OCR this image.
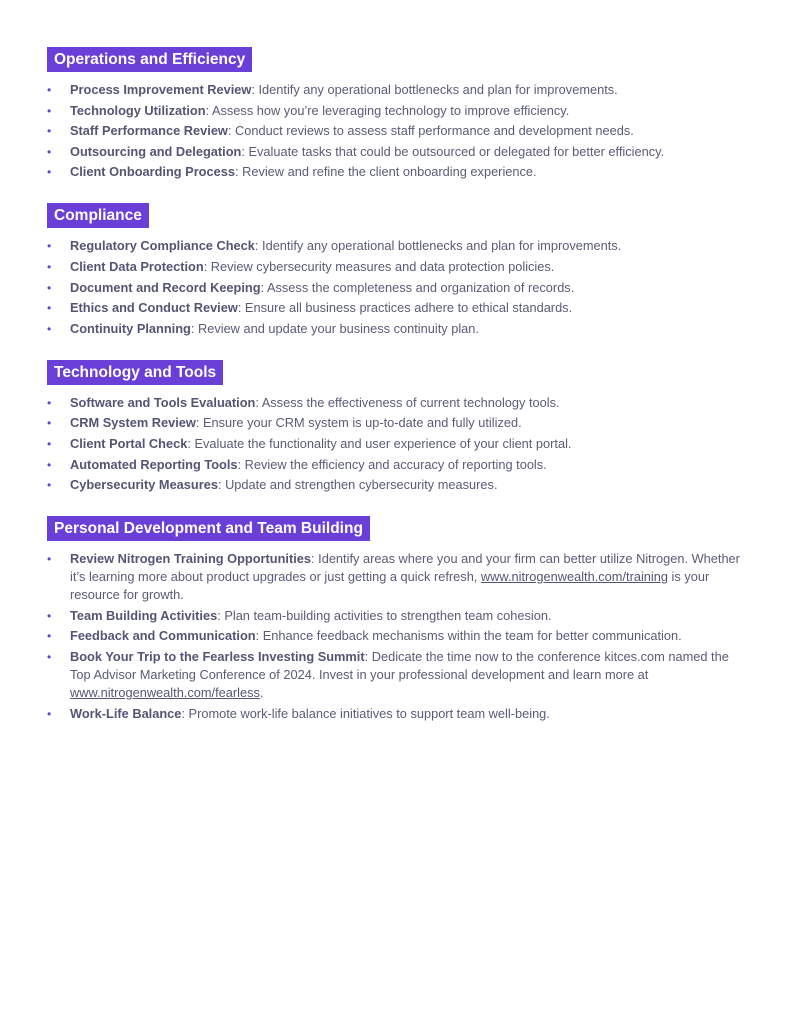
Operations and Efficiency
• Process Improvement Review: Identify any operational bottlenecks and plan for improvements.
• Technology Utilization: Assess how you’re leveraging technology to improve efficiency.
• Staff Performance Review: Conduct reviews to assess staff performance and development needs.
• Outsourcing and Delegation: Evaluate tasks that could be outsourced or delegated for better efficiency.
• Client Onboarding Process: Review and refine the client onboarding experience.
Compliance
• Regulatory Compliance Check: Identify any operational bottlenecks and plan for improvements.
• Client Data Protection: Review cybersecurity measures and data protection policies.
• Document and Record Keeping: Assess the completeness and organization of records.
• Ethics and Conduct Review: Ensure all business practices adhere to ethical standards.
• Continuity Planning: Review and update your business continuity plan.
Technology and Tools
• Software and Tools Evaluation: Assess the effectiveness of current technology tools.
• CRM System Review: Ensure your CRM system is up-to-date and fully utilized.
• Client Portal Check: Evaluate the functionality and user experience of your client portal.
• Automated Reporting Tools: Review the efficiency and accuracy of reporting tools.
• Cybersecurity Measures: Update and strengthen cybersecurity measures.
Personal Development and Team Building
• Review Nitrogen Training Opportunities: Identify areas where you and your firm can better utilize Nitrogen. Whether it’s learning more about product upgrades or just getting a quick refresh, www.nitrogenwealth.com/training is your resource for growth.
• Team Building Activities: Plan team-building activities to strengthen team cohesion.
• Feedback and Communication: Enhance feedback mechanisms within the team for better communication.
• Book Your Trip to the Fearless Investing Summit: Dedicate the time now to the conference kitces.com named the Top Advisor Marketing Conference of 2024. Invest in your professional development and learn more at www.nitrogenwealth.com/fearless.
• Work-Life Balance: Promote work-life balance initiatives to support team well-being.
